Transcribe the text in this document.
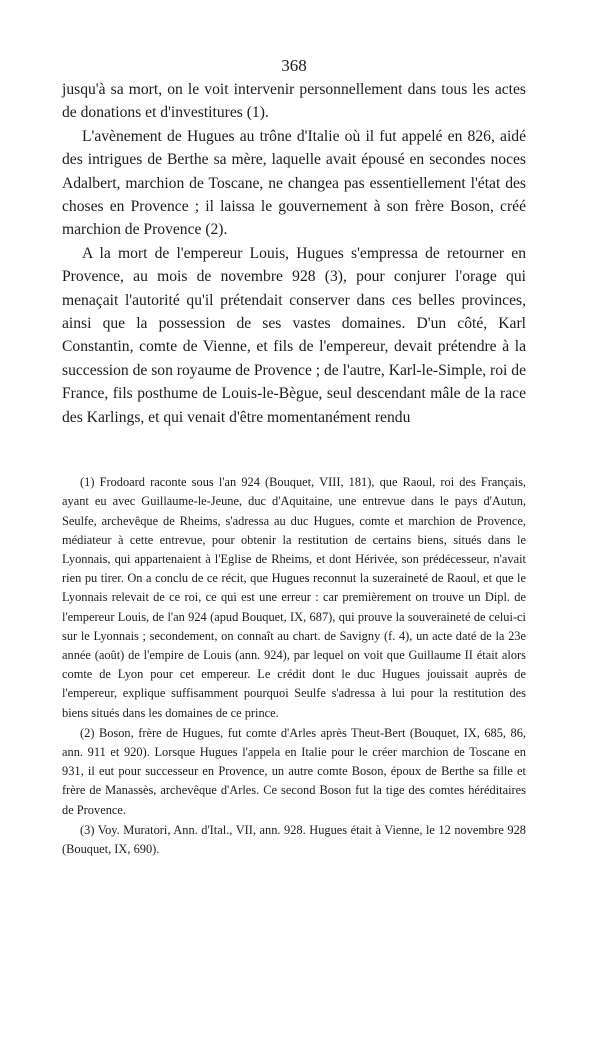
368

jusqu'à sa mort, on le voit intervenir personnellement dans tous les actes de donations et d'investitures (1).

L'avènement de Hugues au trône d'Italie où il fut appelé en 826, aidé des intrigues de Berthe sa mère, laquelle avait épousé en secondes noces Adalbert, marchion de Toscane, ne changea pas essentiellement l'état des choses en Provence ; il laissa le gouvernement à son frère Boson, créé marchion de Provence (2).

A la mort de l'empereur Louis, Hugues s'empressa de retourner en Provence, au mois de novembre 928 (3), pour conjurer l'orage qui menaçait l'autorité qu'il prétendait conserver dans ces belles provinces, ainsi que la possession de ses vastes domaines. D'un côté, Karl Constantin, comte de Vienne, et fils de l'empereur, devait prétendre à la succession de son royaume de Provence ; de l'autre, Karl-le-Simple, roi de France, fils posthume de Louis-le-Bègue, seul descendant mâle de la race des Karlings, et qui venait d'être momentanément rendu

(1) Frodoard raconte sous l'an 924 (Bouquet, VIII, 181), que Raoul, roi des Français, ayant eu avec Guillaume-le-Jeune, duc d'Aquitaine, une entrevue dans le pays d'Autun, Seulfe, archevêque de Rheims, s'adressa au duc Hugues, comte et marchion de Provence, médiateur à cette entrevue, pour obtenir la restitution de certains biens, situés dans le Lyonnais, qui appartenaient à l'Eglise de Rheims, et dont Hérivée, son prédécesseur, n'avait rien pu tirer. On a conclu de ce récit, que Hugues reconnut la suzeraineté de Raoul, et que le Lyonnais relevait de ce roi, ce qui est une erreur : car premièrement on trouve un Dipl. de l'empereur Louis, de l'an 924 (apud Bouquet, IX, 687), qui prouve la souveraineté de celui-ci sur le Lyonnais ; secondement, on connaît au chart. de Savigny (f. 4), un acte daté de la 23e année (août) de l'empire de Louis (ann. 924), par lequel on voit que Guillaume II était alors comte de Lyon pour cet empereur. Le crédit dont le duc Hugues jouissait auprès de l'empereur, explique suffisamment pourquoi Seulfe s'adressa à lui pour la restitution des biens situés dans les domaines de ce prince.

(2) Boson, frère de Hugues, fut comte d'Arles après Theut-Bert (Bouquet, IX, 685, 86, ann. 911 et 920). Lorsque Hugues l'appela en Italie pour le créer marchion de Toscane en 931, il eut pour successeur en Provence, un autre comte Boson, époux de Berthe sa fille et frère de Manassès, archevêque d'Arles. Ce second Boson fut la tige des comtes héréditaires de Provence.

(3) Voy. Muratori, Ann. d'Ital., VII, ann. 928. Hugues était à Vienne, le 12 novembre 928 (Bouquet, IX, 690).
